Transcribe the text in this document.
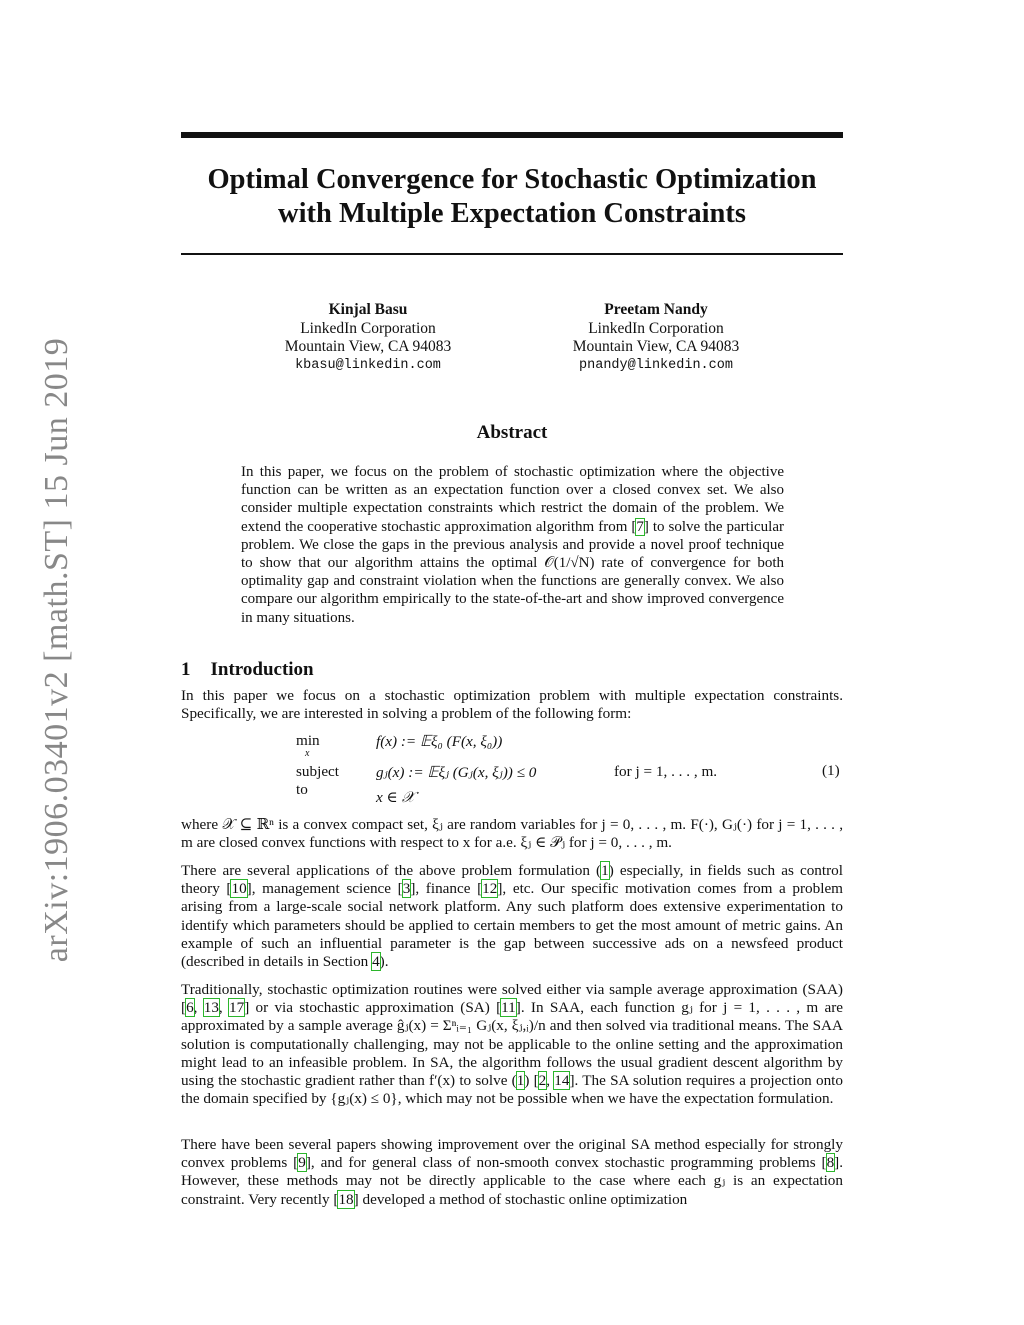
arXiv:1906.03401v2 [math.ST] 15 Jun 2019
Optimal Convergence for Stochastic Optimization
with Multiple Expectation Constraints
Kinjal Basu
LinkedIn Corporation
Mountain View, CA 94083
kbasu@linkedin.com
Preetam Nandy
LinkedIn Corporation
Mountain View, CA 94083
pnandy@linkedin.com
Abstract

In this paper, we focus on the problem of stochastic optimization where the objective function can be written as an expectation function over a closed convex set. We also consider multiple expectation constraints which restrict the domain of the problem. We extend the cooperative stochastic approximation algorithm from [7] to solve the particular problem. We close the gaps in the previous analysis and provide a novel proof technique to show that our algorithm attains the optimal 𝒪(1/√N) rate of convergence for both optimality gap and constraint violation when the functions are generally convex. We also compare our algorithm empirically to the state-of-the-art and show improved convergence in many situations.

1 Introduction

In this paper we focus on a stochastic optimization problem with multiple expectation constraints. Specifically, we are interested in solving a problem of the following form:

min
x
f(x) := 𝔼ξ₀ (F(x, ξ₀))
subject to
gⱼ(x) := 𝔼ξⱼ (Gⱼ(x, ξⱼ)) ≤ 0	for j = 1, . . . , m.
x ∈ 𝒳
(1)

where 𝒳 ⊆ ℝⁿ is a convex compact set, ξⱼ are random variables for j = 0, . . . , m. F(·), Gⱼ(·) for j = 1, . . . , m are closed convex functions with respect to x for a.e. ξⱼ ∈ 𝒫ⱼ for j = 0, . . . , m.

There are several applications of the above problem formulation (1) especially, in fields such as control theory [10], management science [3], finance [12], etc. Our specific motivation comes from a problem arising from a large-scale social network platform. Any such platform does extensive experimentation to identify which parameters should be applied to certain members to get the most amount of metric gains. An example of such an influential parameter is the gap between successive ads on a newsfeed product (described in details in Section 4).

Traditionally, stochastic optimization routines were solved either via sample average approximation (SAA) [6, 13, 17] or via stochastic approximation (SA) [11]. In SAA, each function gⱼ for j = 1, . . . , m are approximated by a sample average ĝⱼ(x) = Σⁿᵢ₌₁ Gⱼ(x, ξⱼ,ᵢ)/n and then solved via traditional means. The SAA solution is computationally challenging, may not be applicable to the online setting and the approximation might lead to an infeasible problem. In SA, the algorithm follows the usual gradient descent algorithm by using the stochastic gradient rather than f′(x) to solve (1) [2, 14]. The SA solution requires a projection onto the domain specified by {gⱼ(x) ≤ 0}, which may not be possible when we have the expectation formulation.

There have been several papers showing improvement over the original SA method especially for strongly convex problems [9], and for general class of non-smooth convex stochastic programming problems [8]. However, these methods may not be directly applicable to the case where each gⱼ is an expectation constraint. Very recently [18] developed a method of stochastic online optimization
